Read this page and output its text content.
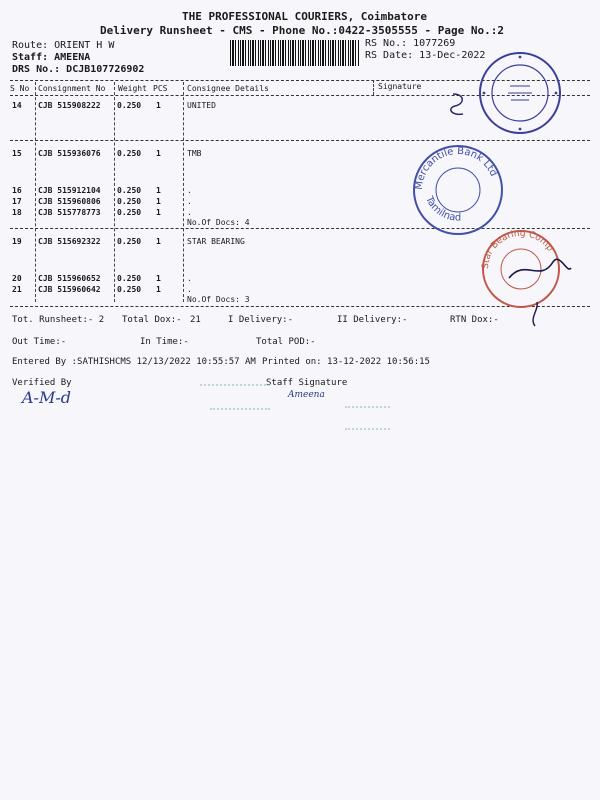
THE PROFESSIONAL COURIERS, Coimbatore
Delivery Runsheet - CMS - Phone No.:0422-3505555 - Page No.:2
Route: ORIENT H W
Staff: AMEENA
DRS No.: DCJB107726902
RS No.: 1077269
RS Date: 13-Dec-2022
S No Consignment No Weight PCS Consignee Details	Signature
14 CJB 515908222 0.250 1	UNITED
15 CJB 515936076 0.250 1	TMB
16 CJB 515912104 0.250 1	.
17 CJB 515960806 0.250 1	.
18 CJB 515778773 0.250 1	.
No.Of Docs: 4
19 CJB 515692322 0.250 1	STAR BEARING
20 CJB 515960652 0.250 1	.
21 CJB 515960642 0.250 1	.
No.Of Docs: 3
Tot. Runsheet:- 2 Total Dox:- 21	I Delivery:-	II Delivery:-	RTN Dox:-
Out Time:-	In Time:-	Total POD:-
Entered By :SATHISHCMS 12/13/2022 10:55:57 AM Printed on: 13-12-2022 10:56:15
Verified By	Staff Signature
A-M-d	Ameena
Mercantile Bank Ltd
Tamilnad
Star Bearing Comp
